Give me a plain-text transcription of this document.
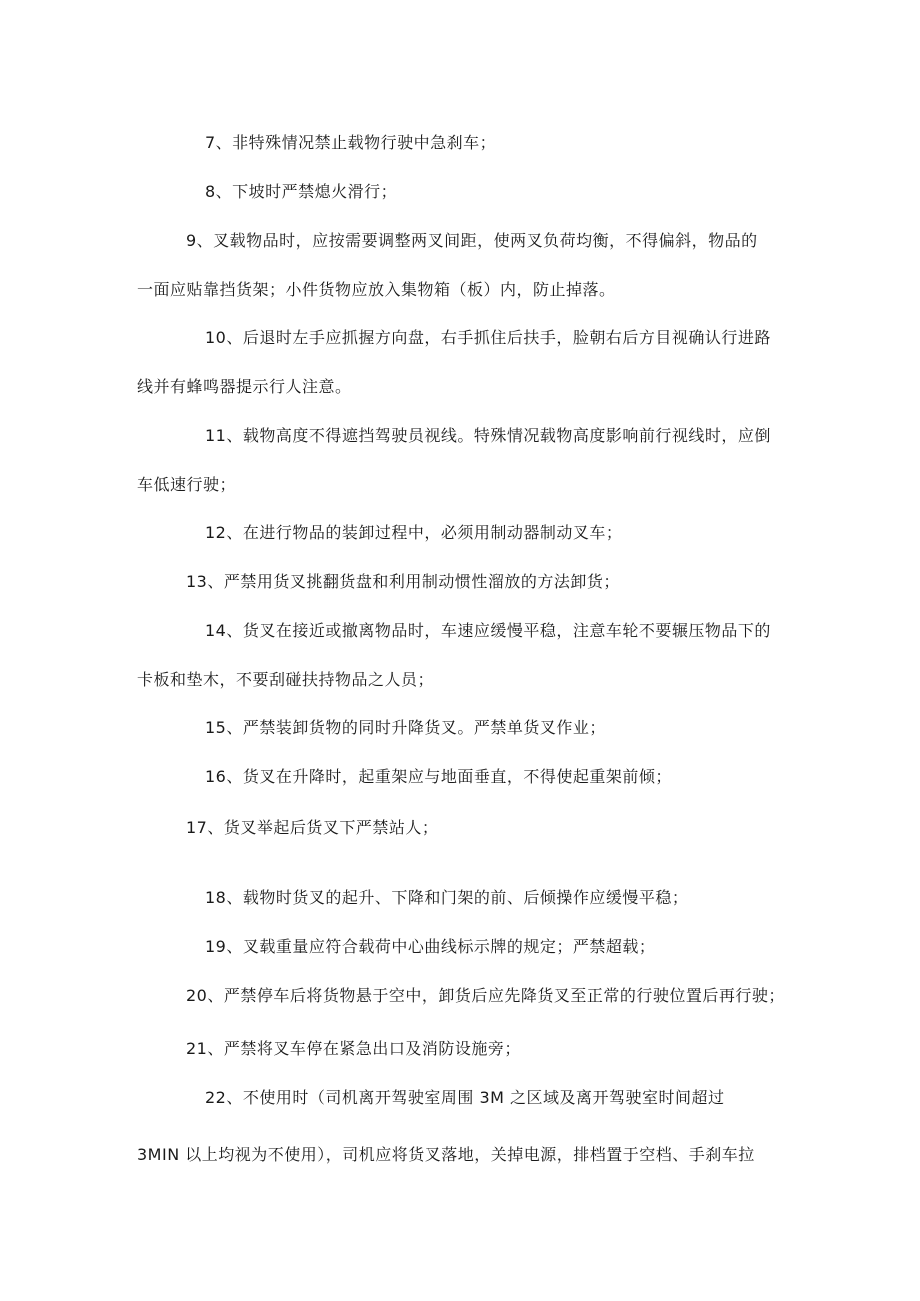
7、非特殊情况禁止载物行驶中急刹车；
8、下坡时严禁熄火滑行；
9、叉载物品时，应按需要调整两叉间距，使两叉负荷均衡，不得偏斜，物品的
一面应贴靠挡货架；小件货物应放入集物箱（板）内，防止掉落。
10、后退时左手应抓握方向盘，右手抓住后扶手，脸朝右后方目视确认行进路
线并有蜂鸣器提示行人注意。
11、载物高度不得遮挡驾驶员视线。特殊情况载物高度影响前行视线时，应倒
车低速行驶；
12、在进行物品的装卸过程中，必须用制动器制动叉车；
13、严禁用货叉挑翻货盘和利用制动惯性溜放的方法卸货；
14、货叉在接近或撤离物品时，车速应缓慢平稳，注意车轮不要辗压物品下的
卡板和垫木，不要刮碰扶持物品之人员；
15、严禁装卸货物的同时升降货叉。严禁单货叉作业；
16、货叉在升降时，起重架应与地面垂直，不得使起重架前倾；
17、货叉举起后货叉下严禁站人；
18、载物时货叉的起升、下降和门架的前、后倾操作应缓慢平稳；
19、叉载重量应符合载荷中心曲线标示牌的规定；严禁超载；
20、严禁停车后将货物悬于空中，卸货后应先降货叉至正常的行驶位置后再行驶；
21、严禁将叉车停在紧急出口及消防设施旁；
22、不使用时（司机离开驾驶室周围 3M 之区域及离开驾驶室时间超过
3MIN 以上均视为不使用），司机应将货叉落地，关掉电源，排档置于空档、手刹车拉
